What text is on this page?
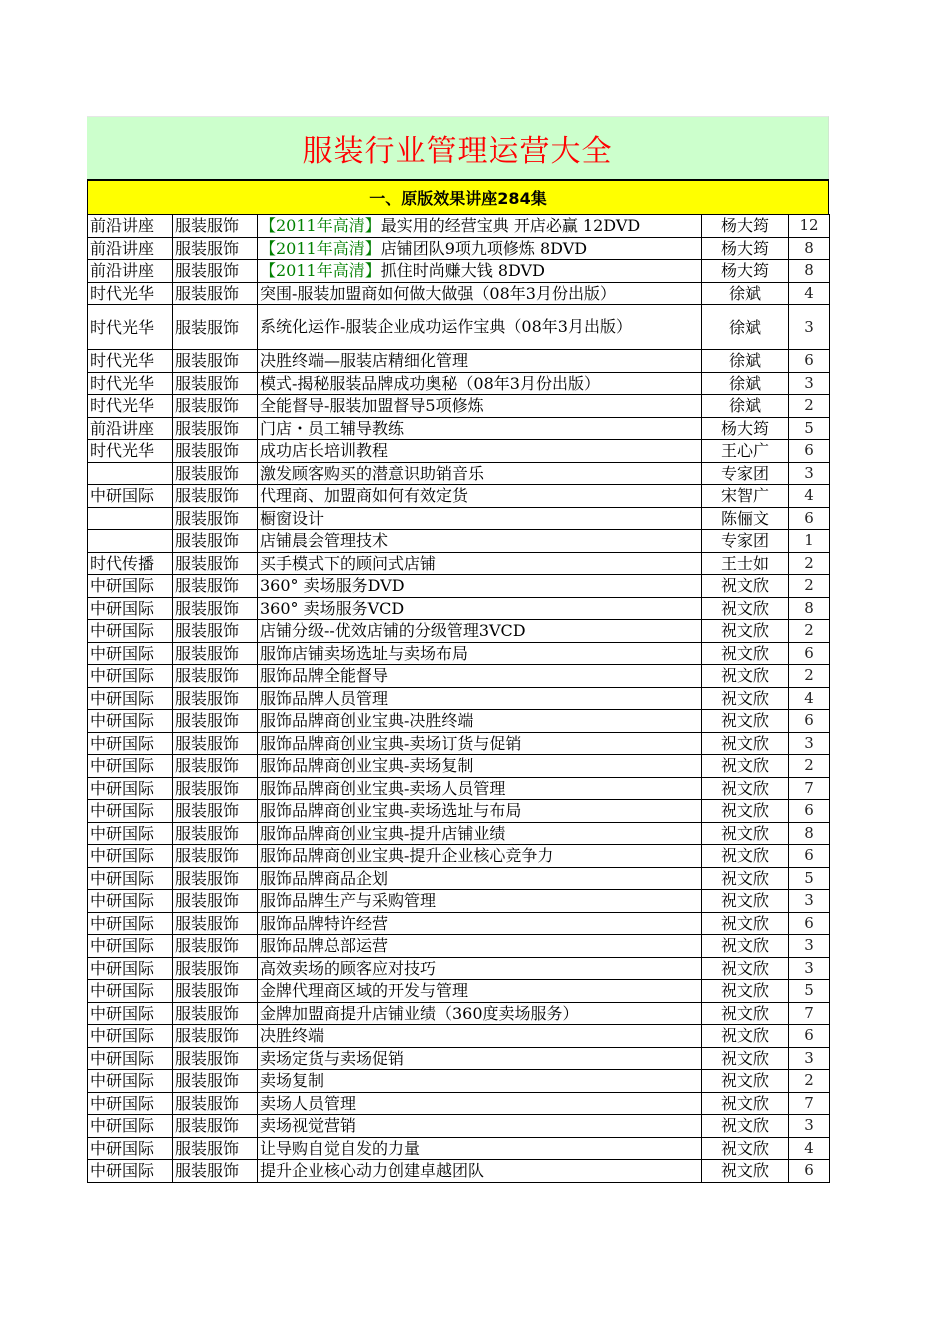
服装行业管理运营大全
一、原版效果讲座284集
前沿讲座	服装服饰	【2011年高清】最实用的经营宝典 开店必赢 12DVD	杨大筠	12
前沿讲座	服装服饰	【2011年高清】店铺团队9项九项修炼 8DVD	杨大筠	8
前沿讲座	服装服饰	【2011年高清】抓住时尚赚大钱 8DVD	杨大筠	8
时代光华	服装服饰	突围-服装加盟商如何做大做强（08年3月份出版）	徐斌	4
时代光华	服装服饰	系统化运作-服装企业成功运作宝典（08年3月出版）	徐斌	3
时代光华	服装服饰	决胜终端—服装店精细化管理	徐斌	6
时代光华	服装服饰	模式-揭秘服装品牌成功奥秘（08年3月份出版）	徐斌	3
时代光华	服装服饰	全能督导-服装加盟督导5项修炼	徐斌	2
前沿讲座	服装服饰	门店・员工辅导教练	杨大筠	5
时代光华	服装服饰	成功店长培训教程	王心广	6
	服装服饰	激发顾客购买的潜意识助销音乐	专家团	3
中研国际	服装服饰	代理商、加盟商如何有效定货	宋智广	4
	服装服饰	橱窗设计	陈俪文	6
	服装服饰	店铺晨会管理技术	专家团	1
时代传播	服装服饰	买手模式下的顾问式店铺	王士如	2
中研国际	服装服饰	360° 卖场服务DVD	祝文欣	2
中研国际	服装服饰	360° 卖场服务VCD	祝文欣	8
中研国际	服装服饰	店铺分级--优效店铺的分级管理3VCD	祝文欣	2
中研国际	服装服饰	服饰店铺卖场选址与卖场布局	祝文欣	6
中研国际	服装服饰	服饰品牌全能督导	祝文欣	2
中研国际	服装服饰	服饰品牌人员管理	祝文欣	4
中研国际	服装服饰	服饰品牌商创业宝典-决胜终端	祝文欣	6
中研国际	服装服饰	服饰品牌商创业宝典-卖场订货与促销	祝文欣	3
中研国际	服装服饰	服饰品牌商创业宝典-卖场复制	祝文欣	2
中研国际	服装服饰	服饰品牌商创业宝典-卖场人员管理	祝文欣	7
中研国际	服装服饰	服饰品牌商创业宝典-卖场选址与布局	祝文欣	6
中研国际	服装服饰	服饰品牌商创业宝典-提升店铺业绩	祝文欣	8
中研国际	服装服饰	服饰品牌商创业宝典-提升企业核心竞争力	祝文欣	6
中研国际	服装服饰	服饰品牌商品企划	祝文欣	5
中研国际	服装服饰	服饰品牌生产与采购管理	祝文欣	3
中研国际	服装服饰	服饰品牌特许经营	祝文欣	6
中研国际	服装服饰	服饰品牌总部运营	祝文欣	3
中研国际	服装服饰	高效卖场的顾客应对技巧	祝文欣	3
中研国际	服装服饰	金牌代理商区域的开发与管理	祝文欣	5
中研国际	服装服饰	金牌加盟商提升店铺业绩（360度卖场服务）	祝文欣	7
中研国际	服装服饰	决胜终端	祝文欣	6
中研国际	服装服饰	卖场定货与卖场促销	祝文欣	3
中研国际	服装服饰	卖场复制	祝文欣	2
中研国际	服装服饰	卖场人员管理	祝文欣	7
中研国际	服装服饰	卖场视觉营销	祝文欣	3
中研国际	服装服饰	让导购自觉自发的力量	祝文欣	4
中研国际	服装服饰	提升企业核心动力创建卓越团队	祝文欣	6
